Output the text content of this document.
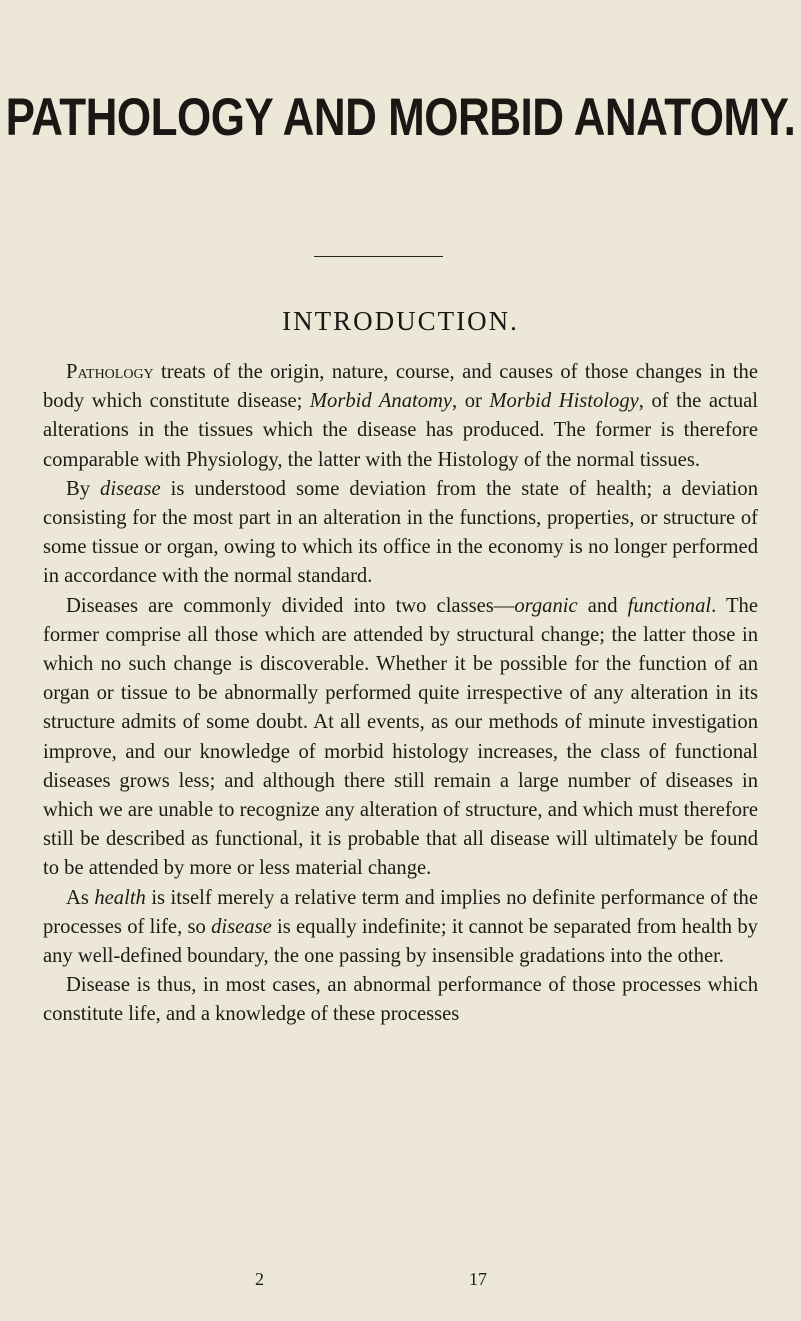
PATHOLOGY AND MORBID ANATOMY.
INTRODUCTION.

Pathology treats of the origin, nature, course, and causes of those changes in the body which constitute disease; Morbid Anatomy, or Morbid Histology, of the actual alterations in the tissues which the disease has produced. The former is therefore comparable with Physiology, the latter with the Histology of the normal tissues.

By disease is understood some deviation from the state of health; a deviation consisting for the most part in an alteration in the functions, properties, or structure of some tissue or organ, owing to which its office in the economy is no longer performed in accordance with the normal standard.

Diseases are commonly divided into two classes—organic and functional. The former comprise all those which are attended by structural change; the latter those in which no such change is discoverable. Whether it be possible for the function of an organ or tissue to be abnormally performed quite irrespective of any alteration in its structure admits of some doubt. At all events, as our methods of minute investigation improve, and our knowledge of morbid histology increases, the class of functional diseases grows less; and although there still remain a large number of diseases in which we are unable to recognize any alteration of structure, and which must therefore still be described as functional, it is probable that all disease will ultimately be found to be attended by more or less material change.

As health is itself merely a relative term and implies no definite performance of the processes of life, so disease is equally indefinite; it cannot be separated from health by any well-defined boundary, the one passing by insensible gradations into the other.

Disease is thus, in most cases, an abnormal performance of those processes which constitute life, and a knowledge of these processes

2	17
